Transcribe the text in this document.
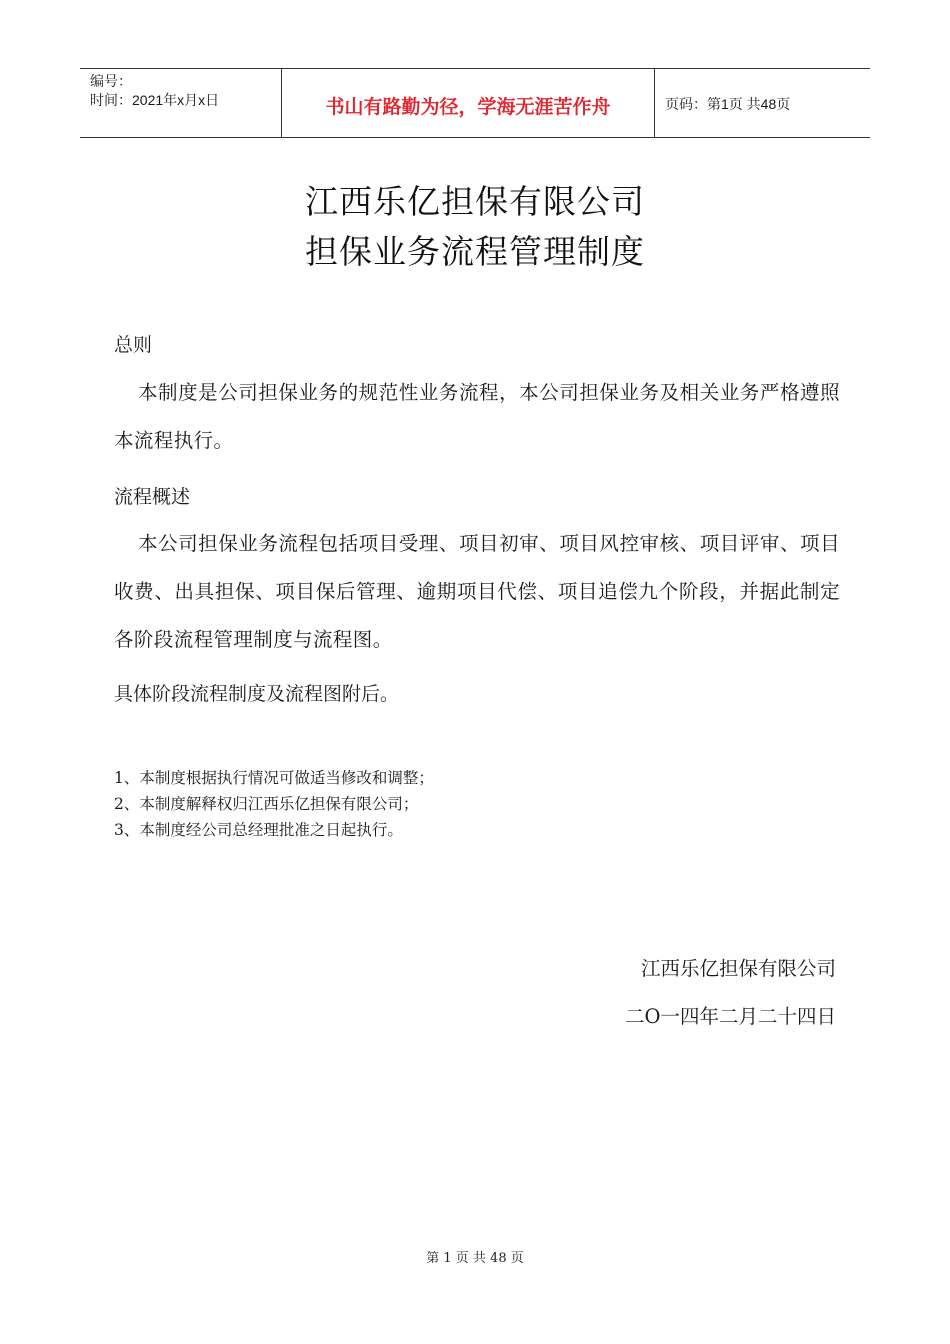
编号：
时间：2021年x月x日	书山有路勤为径，学海无涯苦作舟	页码：第1页 共48页
江西乐亿担保有限公司
担保业务流程管理制度
总则
本制度是公司担保业务的规范性业务流程，本公司担保业务及相关业务严格遵照本流程执行。
流程概述
本公司担保业务流程包括项目受理、项目初审、项目风控审核、项目评审、项目收费、出具担保、项目保后管理、逾期项目代偿、项目追偿九个阶段，并据此制定各阶段流程管理制度与流程图。
具体阶段流程制度及流程图附后。
1、本制度根据执行情况可做适当修改和调整；
2、本制度解释权归江西乐亿担保有限公司；
3、本制度经公司总经理批准之日起执行。
江西乐亿担保有限公司
二O一四年二月二十四日
第 1 页 共 48 页
